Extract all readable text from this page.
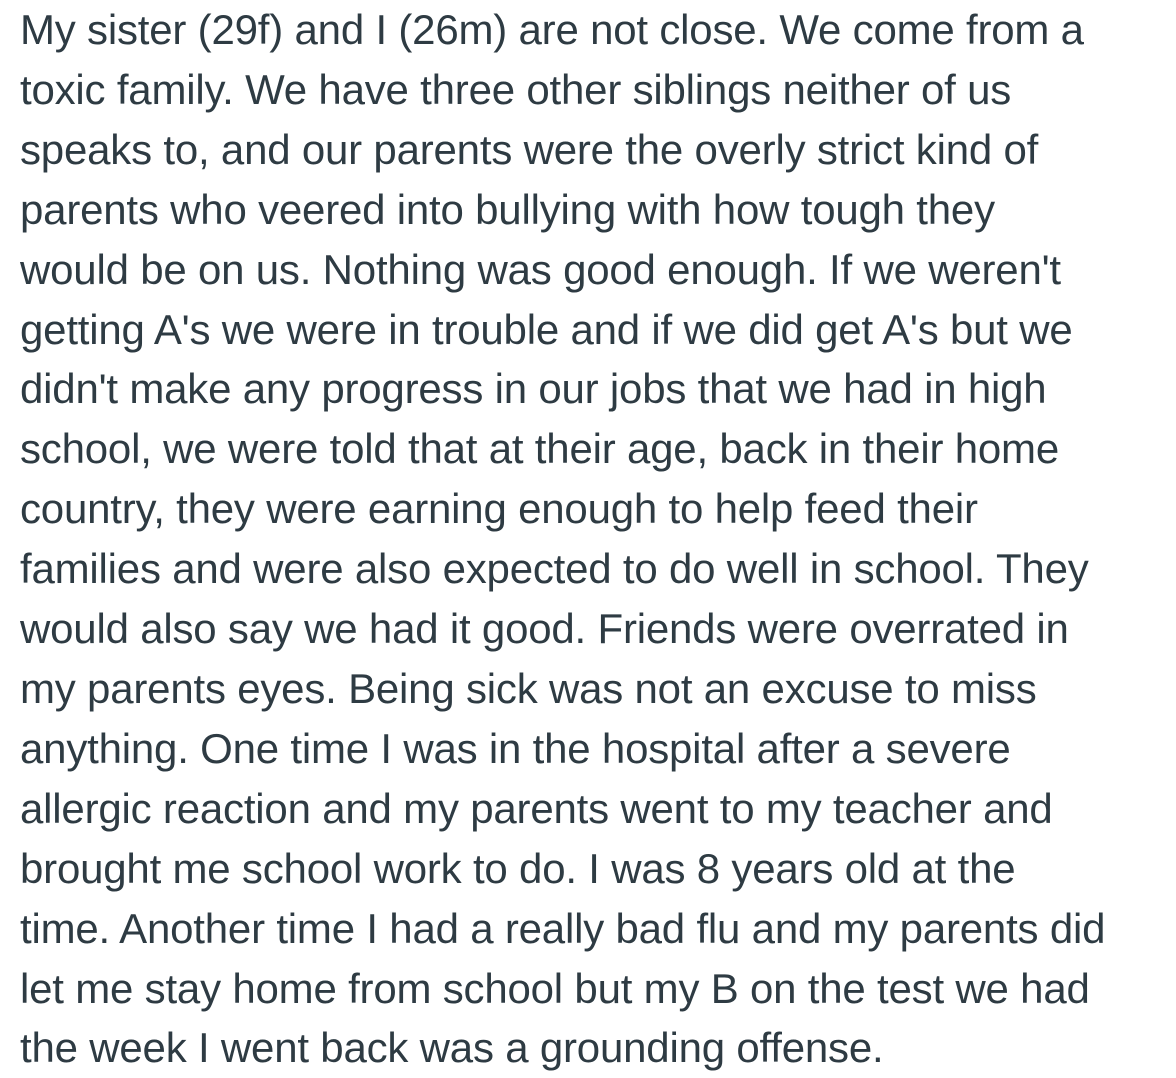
My sister (29f) and I (26m) are not close. We come from a
toxic family. We have three other siblings neither of us
speaks to, and our parents were the overly strict kind of
parents who veered into bullying with how tough they
would be on us. Nothing was good enough. If we weren't
getting A's we were in trouble and if we did get A's but we
didn't make any progress in our jobs that we had in high
school, we were told that at their age, back in their home
country, they were earning enough to help feed their
families and were also expected to do well in school. They
would also say we had it good. Friends were overrated in
my parents eyes. Being sick was not an excuse to miss
anything. One time I was in the hospital after a severe
allergic reaction and my parents went to my teacher and
brought me school work to do. I was 8 years old at the
time. Another time I had a really bad flu and my parents did
let me stay home from school but my B on the test we had
the week I went back was a grounding offense.
